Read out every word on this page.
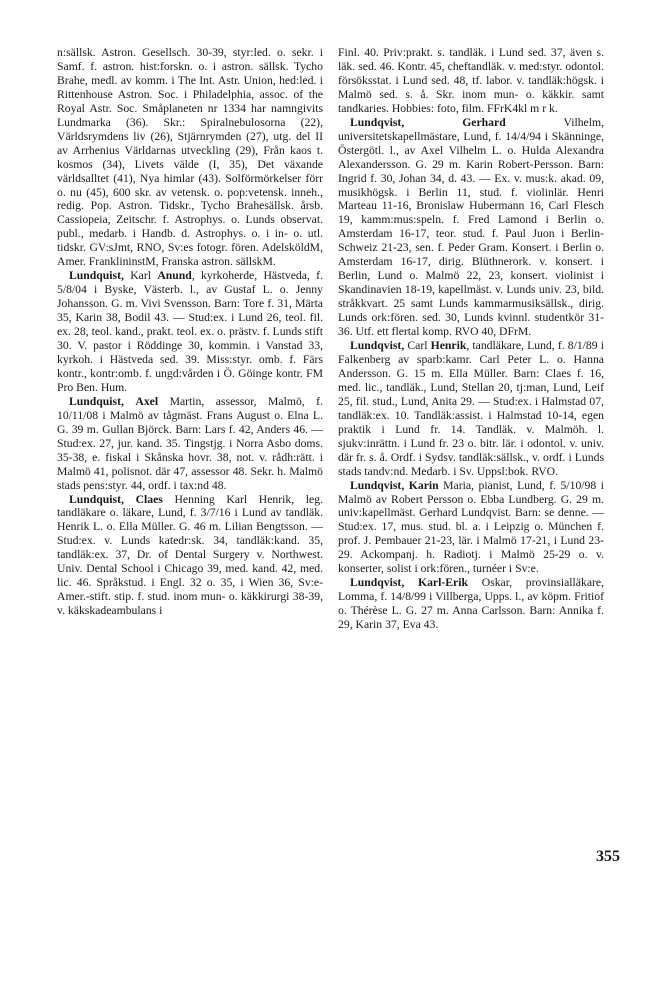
n:sällsk. Astron. Gesellsch. 30-39, styr:led. o. sekr. i Samf. f. astron. hist:forskn. o. i astron. sällsk. Tycho Brahe, medl. av komm. i The Int. Astr. Union, hed:led. i Rittenhouse Astron. Soc. i Philadelphia, assoc. of the Royal Astr. Soc. Småplaneten nr 1334 har namngivits Lundmarka (36). Skr.: Spiralnebulosorna (22), Världsrymdens liv (26), Stjärnrymden (27), utg. del II av Arrhenius Världarnas utveckling (29), Från kaos t. kosmos (34), Livets välde (I, 35), Det växande världsalltet (41), Nya himlar (43). Solförmörkelser förr o. nu (45), 600 skr. av vetensk. o. pop:vetensk. inneh., redig. Pop. Astron. Tidskr., Tycho Brahesällsk. årsb. Cassiopeia, Zeitschr. f. Astrophys. o. Lunds observat. publ., medarb. i Handb. d. Astrophys. o. i in- o. utl. tidskr. GV:sJmt, RNO, Sv:es fotogr. fören. AdelsköldM, Amer. FranklininstM, Franska astron. sällskM.

Lundquist, Karl Anund, kyrkoherde, Hästveda, f. 5/8/04 i Byske, Västerb. l., av Gustaf L. o. Jenny Johansson. G. m. Vivi Svensson. Barn: Tore f. 31, Märta 35, Karin 38, Bodil 43. — Stud:ex. i Lund 26, teol. fil. ex. 28, teol. kand., prakt. teol. ex. o. prästv. f. Lunds stift 30. V. pastor i Röddinge 30, kommin. i Vanstad 33, kyrkoh. i Hästveda sed. 39. Miss:styr. omb. f. Färs kontr., kontr:omb. f. ungd:vården i Ö. Göinge kontr. FM Pro Ben. Hum.

Lundquist, Axel Martin, assessor, Malmö, f. 10/11/08 i Malmö av tågmäst. Frans August o. Elna L. G. 39 m. Gullan Björck. Barn: Lars f. 42, Anders 46. — Stud:ex. 27, jur. kand. 35. Tingstjg. i Norra Asbo doms. 35-38, e. fiskal i Skånska hovr. 38, not. v. rådh:rätt. i Malmö 41, polisnot. där 47, assessor 48. Sekr. h. Malmö stads pens:styr. 44, ordf. i tax:nd 48.

Lundquist, Claes Henning Karl Henrik, leg. tandläkare o. läkare, Lund, f. 3/7/16 i Lund av tandläk. Henrik L. o. Ella Müller. G. 46 m. Lilian Bengtsson. — Stud:ex. v. Lunds katedr:sk. 34, tandläk:kand. 35, tandläk:ex. 37, Dr. of Dental Surgery v. Northwest. Univ. Dental School i Chicago 39, med. kand. 42, med. lic. 46. Språkstud. i Engl. 32 o. 35, i Wien 36, Sv:e-Amer.-stift. stip. f. stud. inom mun- o. käkkirurgi 38-39, v. käkskadeambulans i

Finl. 40. Priv:prakt. s. tandläk. i Lund sed. 37, även s. läk. sed. 46. Kontr. 45, cheftandläk. v. med:styr. odontol. försöksstat. i Lund sed. 48, tf. labor. v. tandläk:högsk. i Malmö sed. s. å. Skr. inom mun- o. käkkir. samt tandkaries. Hobbies: foto, film. FFrK4kl m r k.

Lundqvist,	Gerhard Vilhelm, universitetskapellmästare, Lund, f. 14/4/94 i Skänninge, Östergötl. l., av Axel Vilhelm L. o. Hulda Alexandra Alexandersson. G. 29 m. Karin Robert-Persson. Barn: Ingrid f. 30, Johan 34, d. 43. — Ex. v. mus:k. akad. 09, musikhögsk. i Berlin 11, stud. f. violinlär. Henri Marteau 11-16, Bronislaw Hubermann 16, Carl Flesch 19, kamm:mus:speln. f. Fred Lamond i Berlin o. Amsterdam 16-17, teor. stud. f. Paul Juon i Berlin-Schweiz 21-23, sen. f. Peder Gram. Konsert. i Berlin o. Amsterdam 16-17, dirig. Blüthnerork. v. konsert. i Berlin, Lund o. Malmö 22, 23, konsert. violinist i Skandinavien 18-19, kapellmäst. v. Lunds univ. 23, bild. stråkkvart. 25 samt Lunds kammarmusiksällsk., dirig. Lunds ork:fören. sed. 30, Lunds kvinnl. studentkör 31-36. Utf. ett flertal komp. RVO 40, DFrM.

Lundqvist, Carl Henrik, tandläkare, Lund, f. 8/1/89 i Falkenberg av sparb:kamr. Carl Peter L. o. Hanna Andersson. G. 15 m. Ella Müller. Barn: Claes f. 16, med. lic., tandläk., Lund, Stellan 20, tj:man, Lund, Leif 25, fil. stud., Lund, Anita 29. — Stud:ex. i Halmstad 07, tandläk:ex. 10. Tandläk:assist. i Halmstad 10-14, egen praktik i Lund fr. 14. Tandläk. v. Malmöh. l. sjukv:inrättn. i Lund fr. 23 o. bitr. lär. i odontol. v. univ. där fr. s. å. Ordf. i Sydsv. tandläk:sällsk., v. ordf. i Lunds stads tandv:nd. Medarb. i Sv. Uppsl:bok. RVO.

Lundqvist, Karin Maria, pianist, Lund, f. 5/10/98 i Malmö av Robert Persson o. Ebba Lundberg. G. 29 m. univ:kapellmäst. Gerhard Lundqvist. Barn: se denne. — Stud:ex. 17, mus. stud. bl. a. i Leipzig o. München f. prof. J. Pembauer 21-23, lär. i Malmö 17-21, i Lund 23-29. Ackompanj. h. Radiotj. i Malmö 25-29 o. v. konserter, solist i ork:fören., turnéer i Sv:e.

Lundqvist, Karl-Erik Oskar, provinsialläkare, Lomma, f. 14/8/99 i Villberga, Upps. l., av köpm. Fritiof o. Thérèse L. G. 27 m. Anna Carlsson. Barn: Annika f. 29, Karin 37, Eva 43.

355
